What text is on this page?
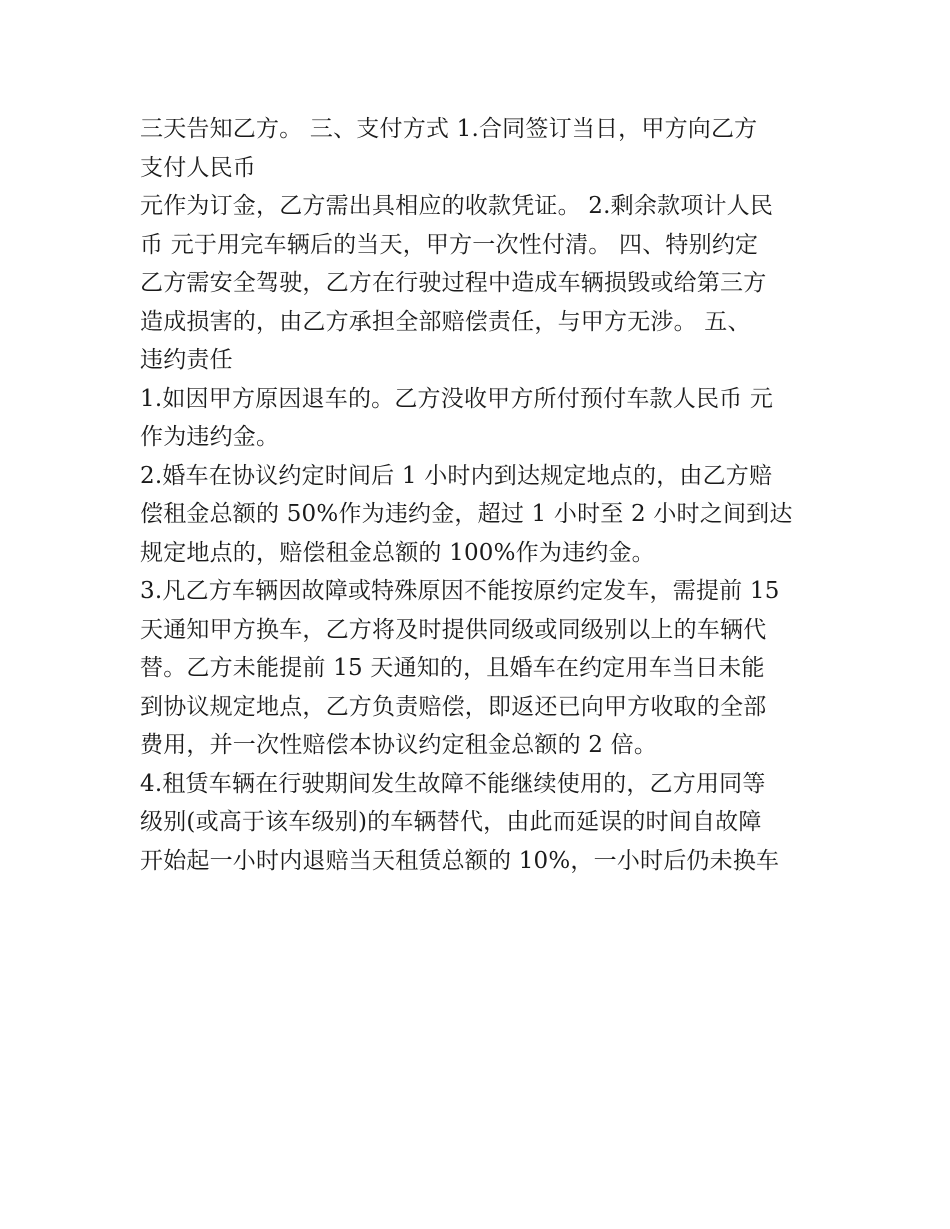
三天告知乙方。 三、支付方式 1.合同签订当日，甲方向乙方
支付人民币
元作为订金，乙方需出具相应的收款凭证。 2.剩余款项计人民
币 元于用完车辆后的当天，甲方一次性付清。 四、特别约定
乙方需安全驾驶，乙方在行驶过程中造成车辆损毁或给第三方
造成损害的，由乙方承担全部赔偿责任，与甲方无涉。 五、
违约责任
1.如因甲方原因退车的。乙方没收甲方所付预付车款人民币 元
作为违约金。
2.婚车在协议约定时间后 1 小时内到达规定地点的，由乙方赔
偿租金总额的 50%作为违约金，超过 1 小时至 2 小时之间到达
规定地点的，赔偿租金总额的 100%作为违约金。
3.凡乙方车辆因故障或特殊原因不能按原约定发车，需提前 15
天通知甲方换车，乙方将及时提供同级或同级别以上的车辆代
替。乙方未能提前 15 天通知的，且婚车在约定用车当日未能
到协议规定地点，乙方负责赔偿，即返还已向甲方收取的全部
费用，并一次性赔偿本协议约定租金总额的 2 倍。
4.租赁车辆在行驶期间发生故障不能继续使用的，乙方用同等
级别(或高于该车级别)的车辆替代，由此而延误的时间自故障
开始起一小时内退赔当天租赁总额的 10%，一小时后仍未换车
